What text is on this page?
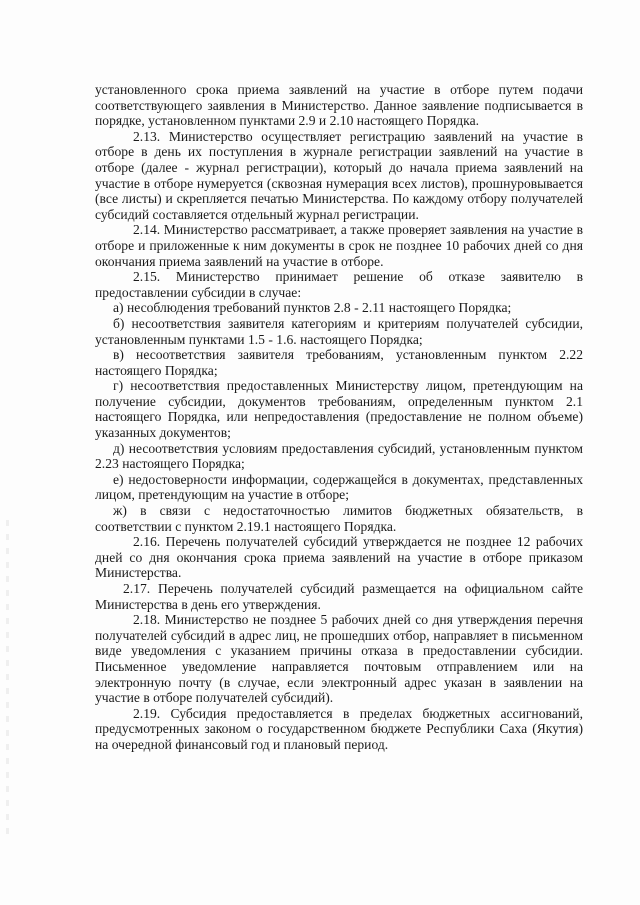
установленного срока приема заявлений на участие в отборе путем подачи соответствующего заявления в Министерство. Данное заявление подписывается в порядке, установленном пунктами 2.9 и 2.10 настоящего Порядка.

2.13. Министерство осуществляет регистрацию заявлений на участие в отборе в день их поступления в журнале регистрации заявлений на участие в отборе (далее - журнал регистрации), который до начала приема заявлений на участие в отборе нумеруется (сквозная нумерация всех листов), прошнуровывается (все листы) и скрепляется печатью Министерства. По каждому отбору получателей субсидий составляется отдельный журнал регистрации.

2.14. Министерство рассматривает, а также проверяет заявления на участие в отборе и приложенные к ним документы в срок не позднее 10 рабочих дней со дня окончания приема заявлений на участие в отборе.

2.15. Министерство принимает решение об отказе заявителю в предоставлении субсидии в случае:

а) несоблюдения требований пунктов 2.8 - 2.11 настоящего Порядка;

б) несоответствия заявителя категориям и критериям получателей субсидии, установленным пунктами 1.5 - 1.6. настоящего Порядка;

в) несоответствия заявителя требованиям, установленным пунктом 2.22 настоящего Порядка;

г) несоответствия предоставленных Министерству лицом, претендующим на получение субсидии, документов требованиям, определенным пунктом 2.1 настоящего Порядка, или непредоставления (предоставление не полном объеме) указанных документов;

д) несоответствия условиям предоставления субсидий, установленным пунктом 2.23 настоящего Порядка;

е) недостоверности информации, содержащейся в документах, представленных лицом, претендующим на участие в отборе;

ж) в связи с недостаточностью лимитов бюджетных обязательств, в соответствии с пунктом 2.19.1 настоящего Порядка.

2.16. Перечень получателей субсидий утверждается не позднее 12 рабочих дней со дня окончания срока приема заявлений на участие в отборе приказом Министерства.

2.17. Перечень получателей субсидий размещается на официальном сайте Министерства в день его утверждения.

2.18. Министерство не позднее 5 рабочих дней со дня утверждения перечня получателей субсидий в адрес лиц, не прошедших отбор, направляет в письменном виде уведомления с указанием причины отказа в предоставлении субсидии. Письменное уведомление направляется почтовым отправлением или на электронную почту (в случае, если электронный адрес указан в заявлении на участие в отборе получателей субсидий).

2.19. Субсидия предоставляется в пределах бюджетных ассигнований, предусмотренных законом о государственном бюджете Республики Саха (Якутия) на очередной финансовый год и плановый период.
